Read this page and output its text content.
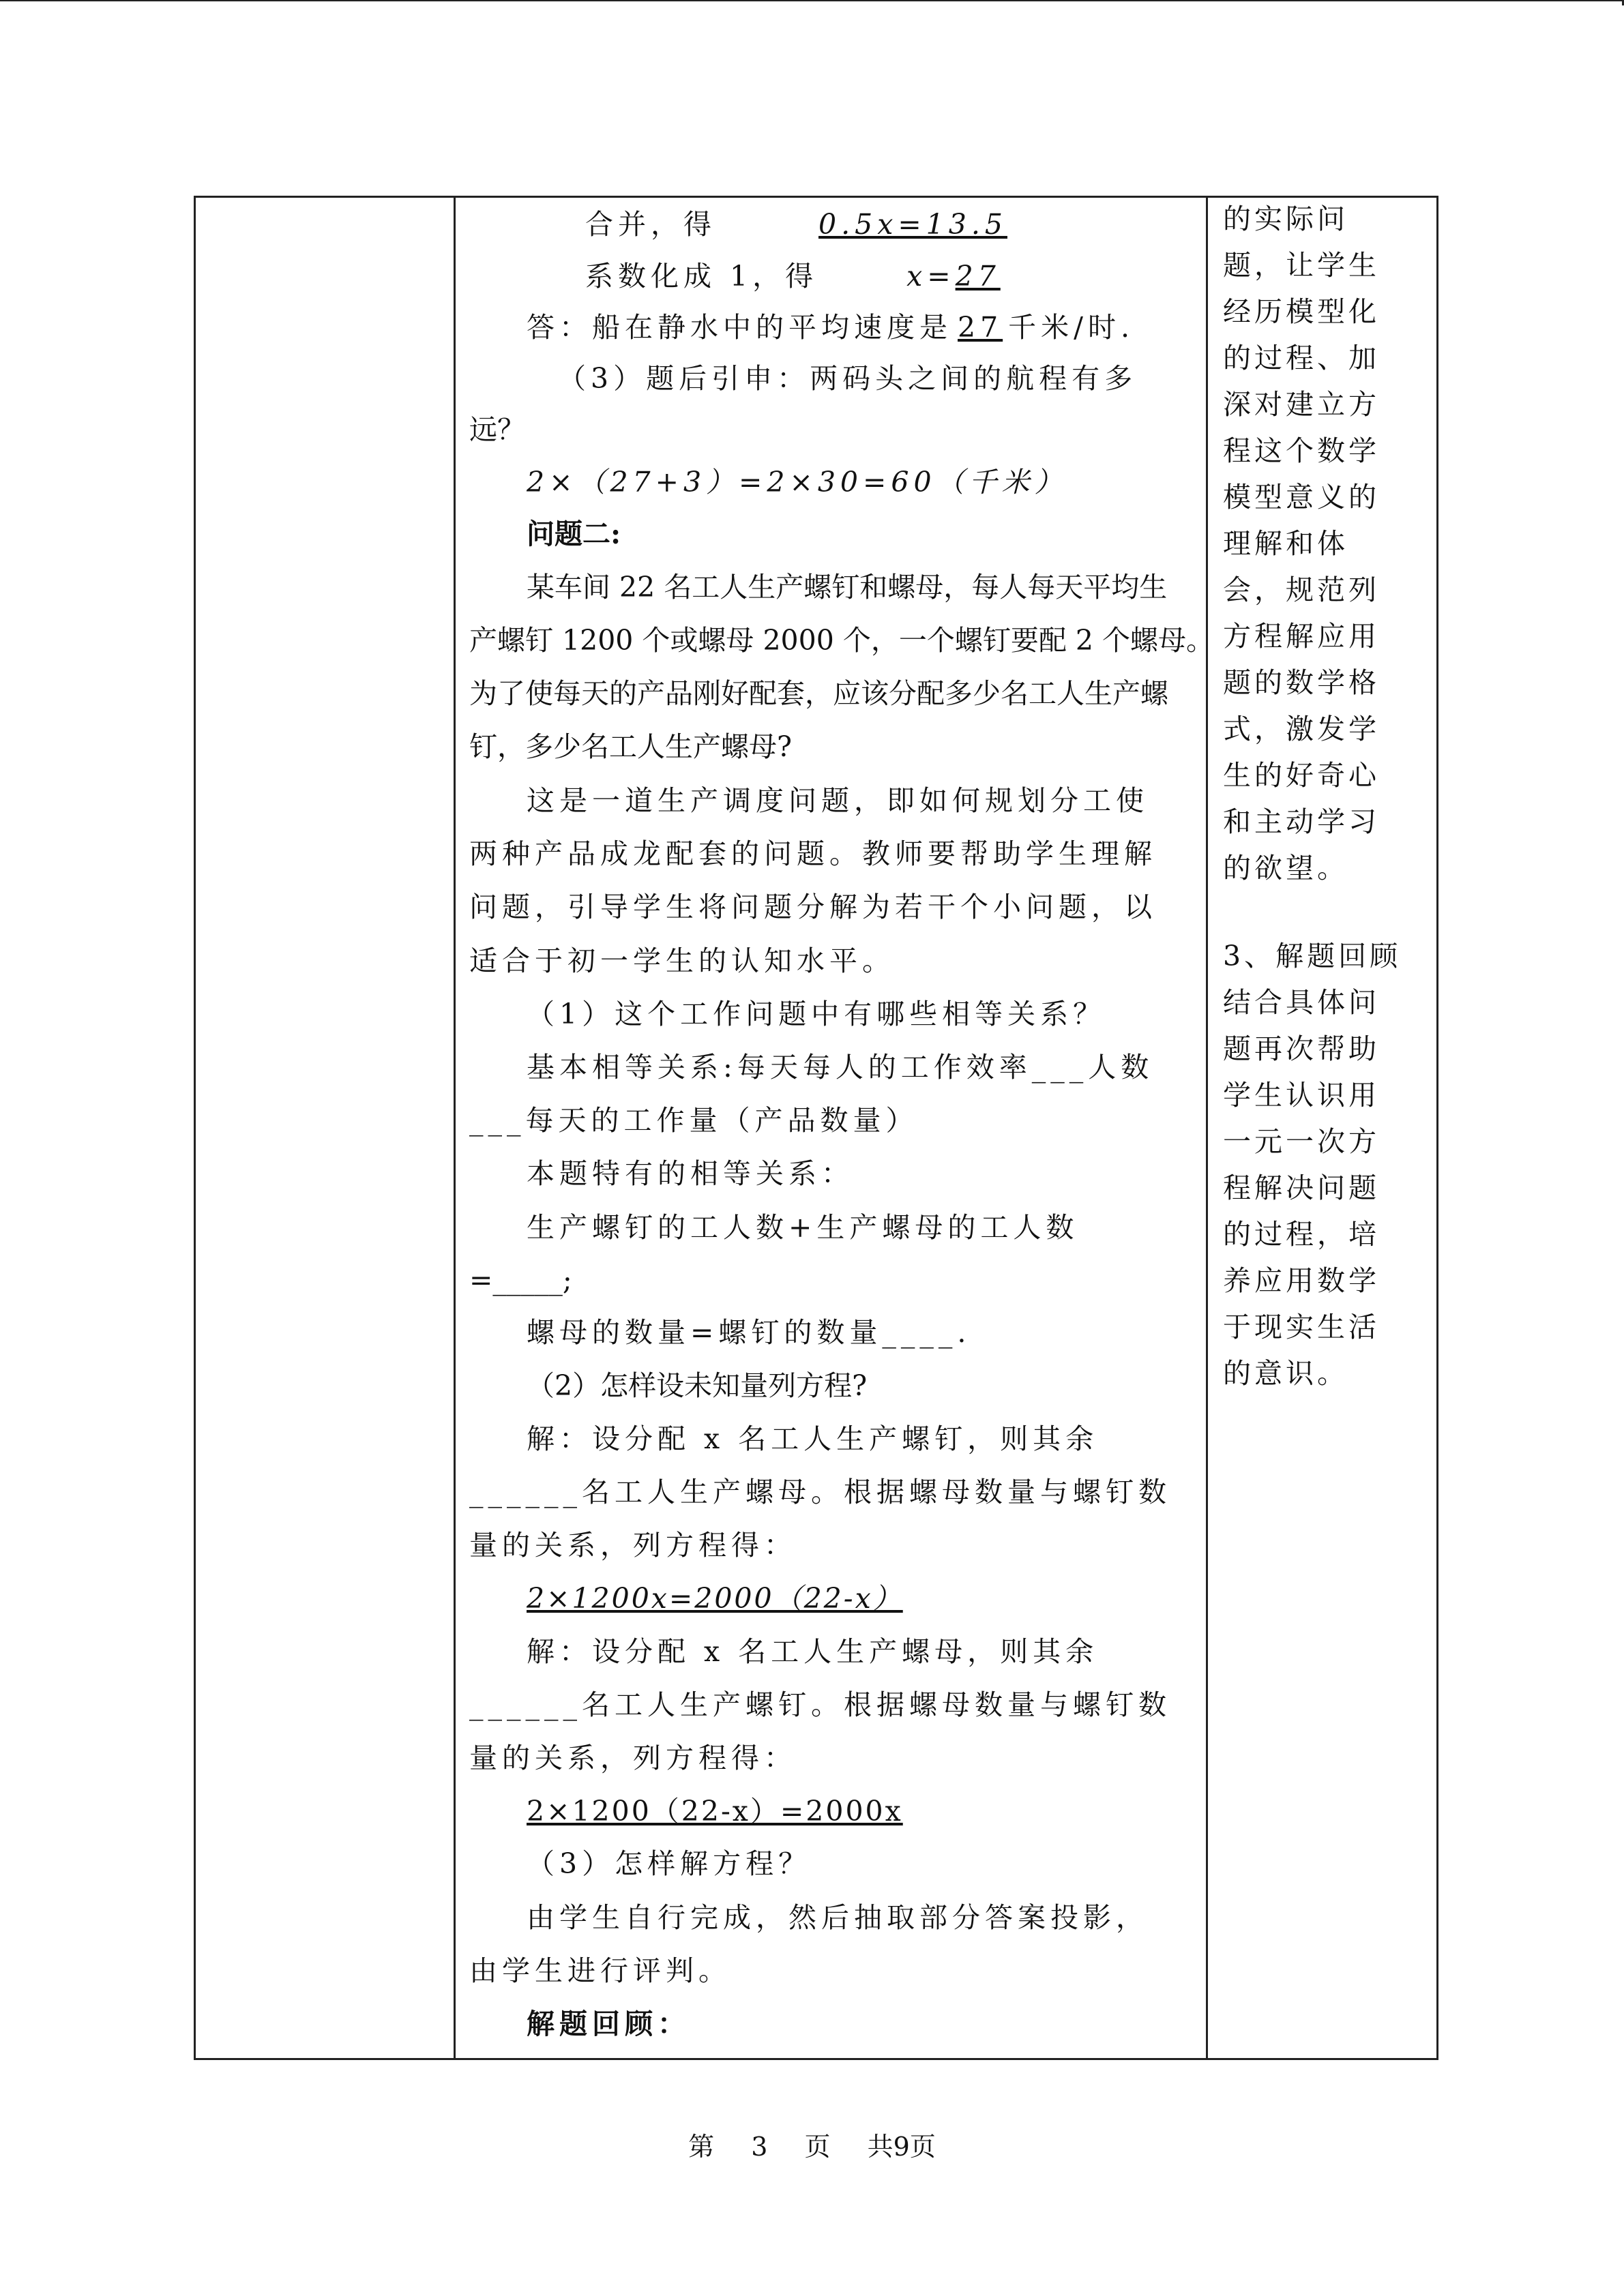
合并，得	0.5x=13.5
系数化成 1，得	x=27
答：船在静水中的平均速度是 27 千米/时.
（3）题后引申：两码头之间的航程有多
远？
2×（27+3）=2×30=60（千米）
问题二:
某车间 22 名工人生产螺钉和螺母，每人每天平均生
产螺钉 1200 个或螺母 2000 个，一个螺钉要配 2 个螺母。
为了使每天的产品刚好配套，应该分配多少名工人生产螺
钉，多少名工人生产螺母?
这是一道生产调度问题，即如何规划分工使
两种产品成龙配套的问题。教师要帮助学生理解
问题，引导学生将问题分解为若干个小问题，以
适合于初一学生的认知水平。
（1）这个工作问题中有哪些相等关系？
基本相等关系:每天每人的工作效率___人数
___每天的工作量（产品数量）
本题特有的相等关系：
生产螺钉的工人数+生产螺母的工人数
=_____;
螺母的数量=螺钉的数量____.
（2）怎样设未知量列方程?
解：设分配 x 名工人生产螺钉，则其余
______名工人生产螺母。根据螺母数量与螺钉数
量的关系，列方程得：
2×1200x=2000（22-x）
解：设分配 x 名工人生产螺母，则其余
______名工人生产螺钉。根据螺母数量与螺钉数
量的关系，列方程得：
2×1200（22-x）=2000x
（3）怎样解方程？
由学生自行完成，然后抽取部分答案投影，
由学生进行评判。
解题回顾：
的实际问
题，让学生
经历模型化
的过程、加
深对建立方
程这个数学
模型意义的
理解和体
会，规范列
方程解应用
题的数学格
式，激发学
生的好奇心
和主动学习
的欲望。
3、解题回顾
结合具体问
题再次帮助
学生认识用
一元一次方
程解决问题
的过程，培
养应用数学
于现实生活
的意识。
第 3 页 共9页
